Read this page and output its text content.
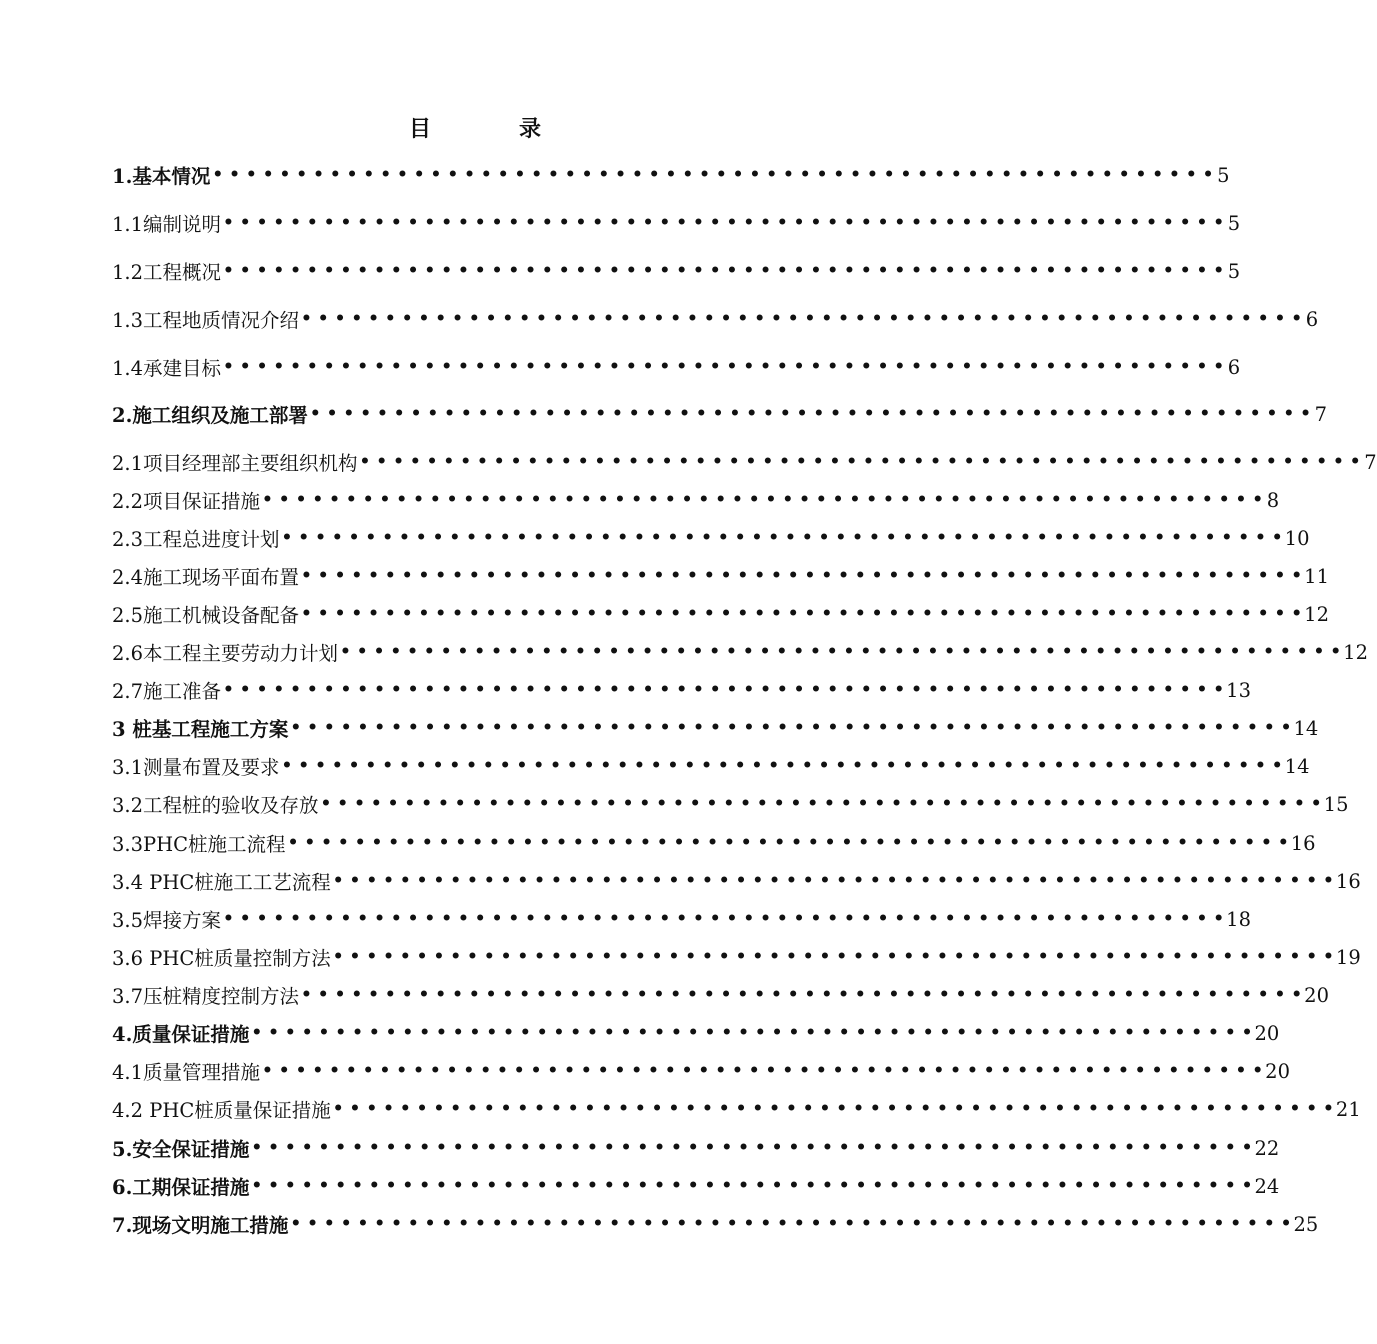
目	录
1.基本情况 • • • • • • • • • • • • • • • • • • • • • • • • • • • • • • • • • • • • • • • • • • • • • • • • • • • • • • • • • • • • 5
1.1编制说明 • • • • • • • • • • • • • • • • • • • • • • • • • • • • • • • • • • • • • • • • • • • • • • • • • • • • • • • • • • • • 5
1.2工程概况 • • • • • • • • • • • • • • • • • • • • • • • • • • • • • • • • • • • • • • • • • • • • • • • • • • • • • • • • • • • • 5
1.3工程地质情况介绍 • • • • • • • • • • • • • • • • • • • • • • • • • • • • • • • • • • • • • • • • • • • • • • • • • • • • • • • • • • • • 6
1.4承建目标 • • • • • • • • • • • • • • • • • • • • • • • • • • • • • • • • • • • • • • • • • • • • • • • • • • • • • • • • • • • • 6
2.施工组织及施工部署 • • • • • • • • • • • • • • • • • • • • • • • • • • • • • • • • • • • • • • • • • • • • • • • • • • • • • • • • • • • • 7
2.1项目经理部主要组织机构 • • • • • • • • • • • • • • • • • • • • • • • • • • • • • • • • • • • • • • • • • • • • • • • • • • • • • • • • • • • • 7
2.2项目保证措施 • • • • • • • • • • • • • • • • • • • • • • • • • • • • • • • • • • • • • • • • • • • • • • • • • • • • • • • • • • • • 8
2.3工程总进度计划 • • • • • • • • • • • • • • • • • • • • • • • • • • • • • • • • • • • • • • • • • • • • • • • • • • • • • • • • • • • • 10
2.4施工现场平面布置 • • • • • • • • • • • • • • • • • • • • • • • • • • • • • • • • • • • • • • • • • • • • • • • • • • • • • • • • • • • • 11
2.5施工机械设备配备 • • • • • • • • • • • • • • • • • • • • • • • • • • • • • • • • • • • • • • • • • • • • • • • • • • • • • • • • • • • • 12
2.6本工程主要劳动力计划 • • • • • • • • • • • • • • • • • • • • • • • • • • • • • • • • • • • • • • • • • • • • • • • • • • • • • • • • • • • • 12
2.7施工准备 • • • • • • • • • • • • • • • • • • • • • • • • • • • • • • • • • • • • • • • • • • • • • • • • • • • • • • • • • • • • 13
3 桩基工程施工方案 • • • • • • • • • • • • • • • • • • • • • • • • • • • • • • • • • • • • • • • • • • • • • • • • • • • • • • • • • • • • 14
3.1测量布置及要求 • • • • • • • • • • • • • • • • • • • • • • • • • • • • • • • • • • • • • • • • • • • • • • • • • • • • • • • • • • • • 14
3.2工程桩的验收及存放 • • • • • • • • • • • • • • • • • • • • • • • • • • • • • • • • • • • • • • • • • • • • • • • • • • • • • • • • • • • • 15
3.3PHC桩施工流程 • • • • • • • • • • • • • • • • • • • • • • • • • • • • • • • • • • • • • • • • • • • • • • • • • • • • • • • • • • • • 16
3.4 PHC桩施工工艺流程 • • • • • • • • • • • • • • • • • • • • • • • • • • • • • • • • • • • • • • • • • • • • • • • • • • • • • • • • • • • • 16
3.5焊接方案 • • • • • • • • • • • • • • • • • • • • • • • • • • • • • • • • • • • • • • • • • • • • • • • • • • • • • • • • • • • • 18
3.6 PHC桩质量控制方法 • • • • • • • • • • • • • • • • • • • • • • • • • • • • • • • • • • • • • • • • • • • • • • • • • • • • • • • • • • • • 19
3.7压桩精度控制方法 • • • • • • • • • • • • • • • • • • • • • • • • • • • • • • • • • • • • • • • • • • • • • • • • • • • • • • • • • • • • 20
4.质量保证措施 • • • • • • • • • • • • • • • • • • • • • • • • • • • • • • • • • • • • • • • • • • • • • • • • • • • • • • • • • • • • 20
4.1质量管理措施 • • • • • • • • • • • • • • • • • • • • • • • • • • • • • • • • • • • • • • • • • • • • • • • • • • • • • • • • • • • • 20
4.2 PHC桩质量保证措施 • • • • • • • • • • • • • • • • • • • • • • • • • • • • • • • • • • • • • • • • • • • • • • • • • • • • • • • • • • • • 21
5.安全保证措施 • • • • • • • • • • • • • • • • • • • • • • • • • • • • • • • • • • • • • • • • • • • • • • • • • • • • • • • • • • • • 22
6.工期保证措施 • • • • • • • • • • • • • • • • • • • • • • • • • • • • • • • • • • • • • • • • • • • • • • • • • • • • • • • • • • • • 24
7.现场文明施工措施 • • • • • • • • • • • • • • • • • • • • • • • • • • • • • • • • • • • • • • • • • • • • • • • • • • • • • • • • • • • • 25
